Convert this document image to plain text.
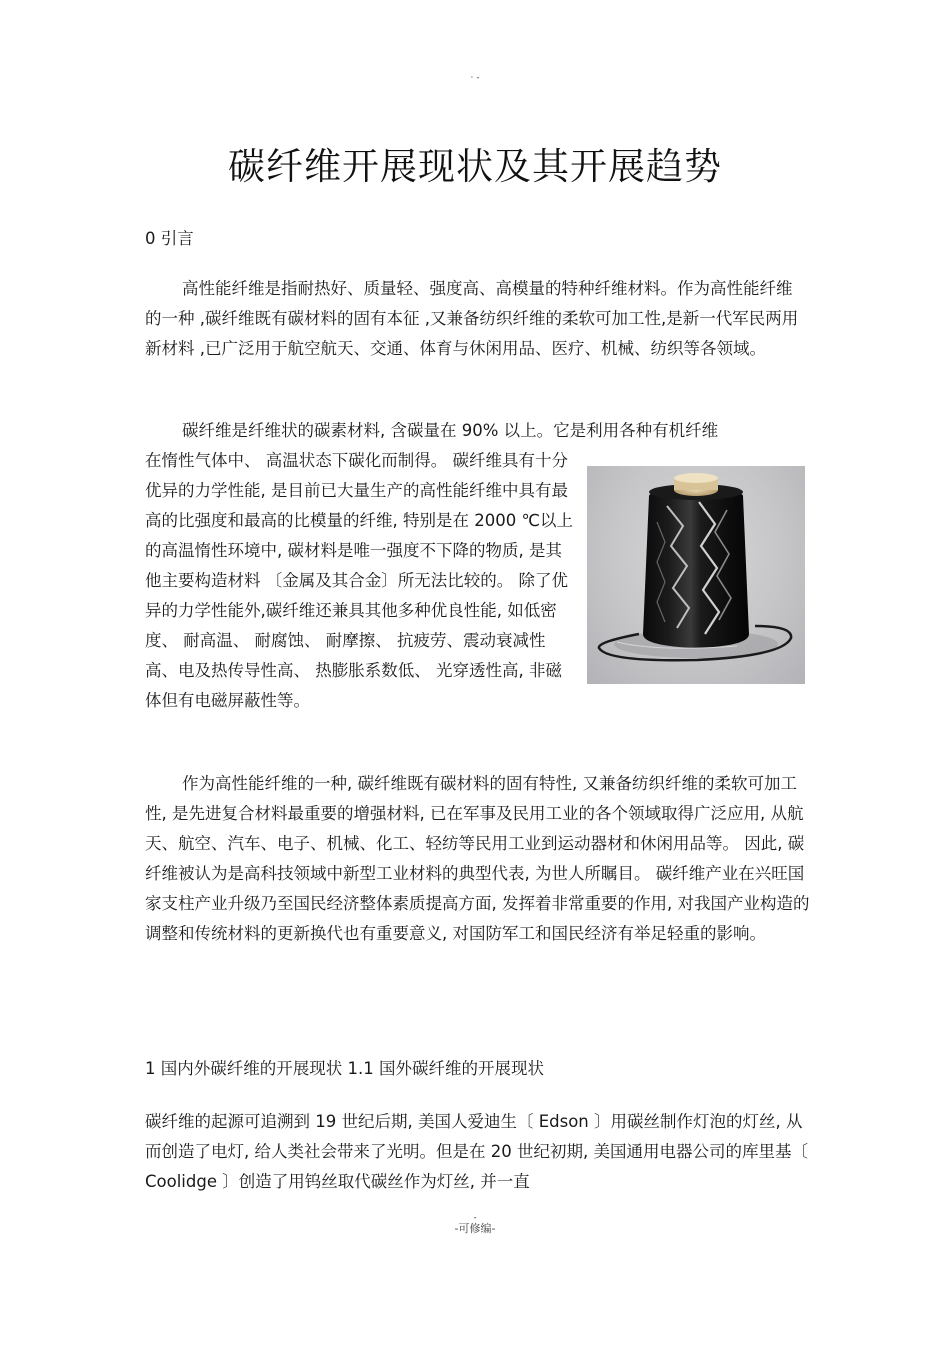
· -
碳纤维开展现状及其开展趋势

0 引言

高性能纤维是指耐热好、质量轻、强度高、高模量的特种纤维材料。作为高性能纤维的一种 ,碳纤维既有碳材料的固有本征 ,又兼备纺织纤维的柔软可加工性,是新一代军民两用新材料 ,已广泛用于航空航天、交通、体育与休闲用品、医疗、机械、纺织等各领域。

碳纤维是纤维状的碳素材料, 含碳量在 90% 以上。它是利用各种有机纤维

在惰性气体中、 高温状态下碳化而制得。 碳纤维具有十分优异的力学性能, 是目前已大量生产的高性能纤维中具有最高的比强度和最高的比模量的纤维, 特别是在 2000 ℃以上的高温惰性环境中, 碳材料是唯一强度不下降的物质, 是其他主要构造材料 〔金属及其合金〕所无法比较的。 除了优异的力学性能外,碳纤维还兼具其他多种优良性能, 如低密度、 耐高温、 耐腐蚀、 耐摩擦、 抗疲劳、震动衰减性高、电及热传导性高、 热膨胀系数低、 光穿透性高, 非磁体但有电磁屏蔽性等。

作为高性能纤维的一种, 碳纤维既有碳材料的固有特性, 又兼备纺织纤维的柔软可加工性, 是先进复合材料最重要的增强材料, 已在军事及民用工业的各个领域取得广泛应用, 从航天、航空、汽车、电子、机械、化工、轻纺等民用工业到运动器材和休闲用品等。 因此, 碳纤维被认为是高科技领域中新型工业材料的典型代表, 为世人所瞩目。 碳纤维产业在兴旺国家支柱产业升级乃至国民经济整体素质提高方面, 发挥着非常重要的作用, 对我国产业构造的调整和传统材料的更新换代也有重要意义, 对国防军工和国民经济有举足轻重的影响。

1 国内外碳纤维的开展现状 1.1 国外碳纤维的开展现状

碳纤维的起源可追溯到 19 世纪后期, 美国人爱迪生〔 Edson 〕用碳丝制作灯泡的灯丝, 从而创造了电灯, 给人类社会带来了光明。但是在 20 世纪初期, 美国通用电器公司的库里基〔 Coolidge 〕创造了用钨丝取代碳丝作为灯丝, 并一直

-
-可修编-
